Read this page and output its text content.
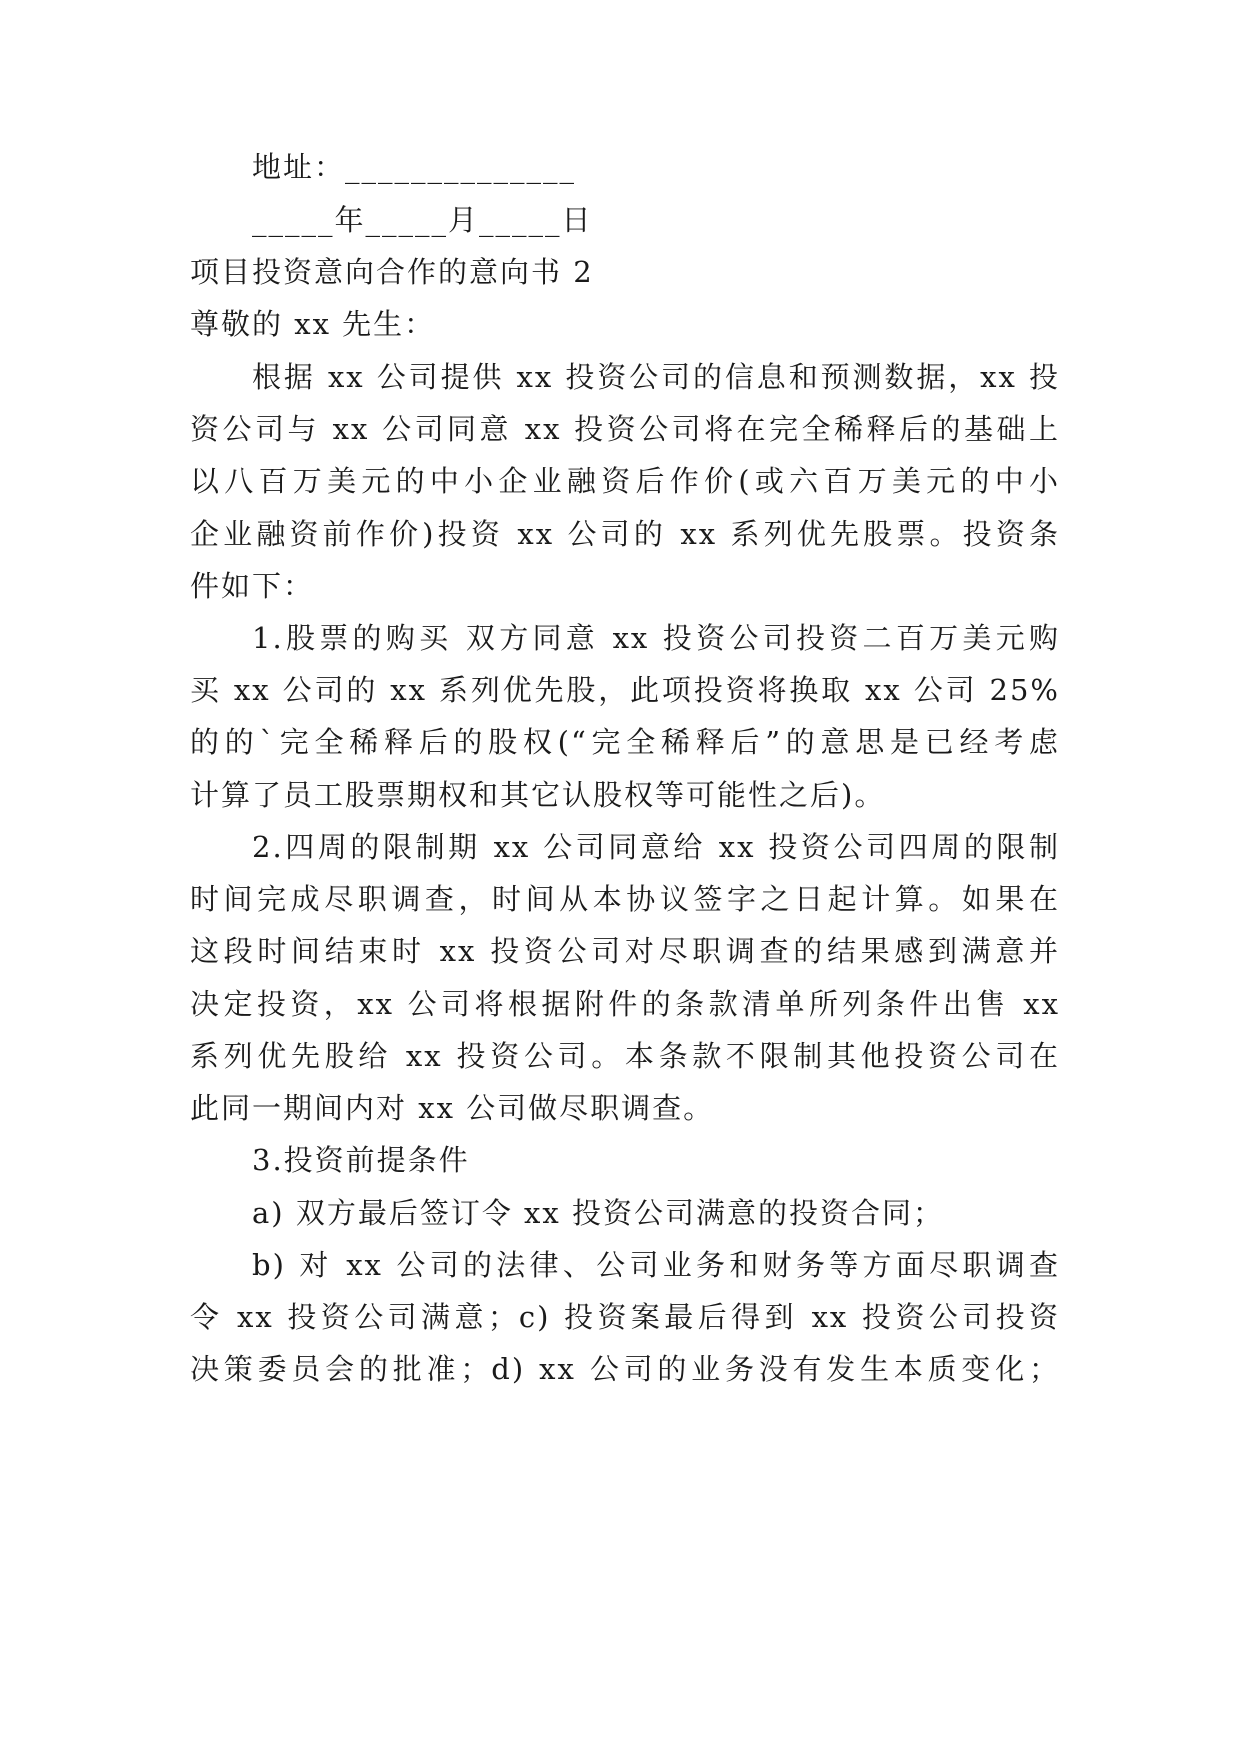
地址：______________
_____年_____月_____日
项目投资意向合作的意向书 2
尊敬的 xx 先生：
根据 xx 公司提供 xx 投资公司的信息和预测数据，xx 投
资公司与 xx 公司同意 xx 投资公司将在完全稀释后的基础上
以八百万美元的中小企业融资后作价(或六百万美元的中小
企业融资前作价)投资 xx 公司的 xx 系列优先股票。投资条
件如下：
1.股票的购买 双方同意 xx 投资公司投资二百万美元购
买 xx 公司的 xx 系列优先股，此项投资将换取 xx 公司 25%
的的`完全稀释后的股权(“完全稀释后”的意思是已经考虑
计算了员工股票期权和其它认股权等可能性之后)。
2.四周的限制期 xx 公司同意给 xx 投资公司四周的限制
时间完成尽职调查，时间从本协议签字之日起计算。如果在
这段时间结束时 xx 投资公司对尽职调查的结果感到满意并
决定投资，xx 公司将根据附件的条款清单所列条件出售 xx
系列优先股给 xx 投资公司。本条款不限制其他投资公司在
此同一期间内对 xx 公司做尽职调查。
3.投资前提条件
a) 双方最后签订令 xx 投资公司满意的投资合同；
b) 对 xx 公司的法律、公司业务和财务等方面尽职调查
令 xx 投资公司满意；c) 投资案最后得到 xx 投资公司投资
决策委员会的批准；d) xx 公司的业务没有发生本质变化；
